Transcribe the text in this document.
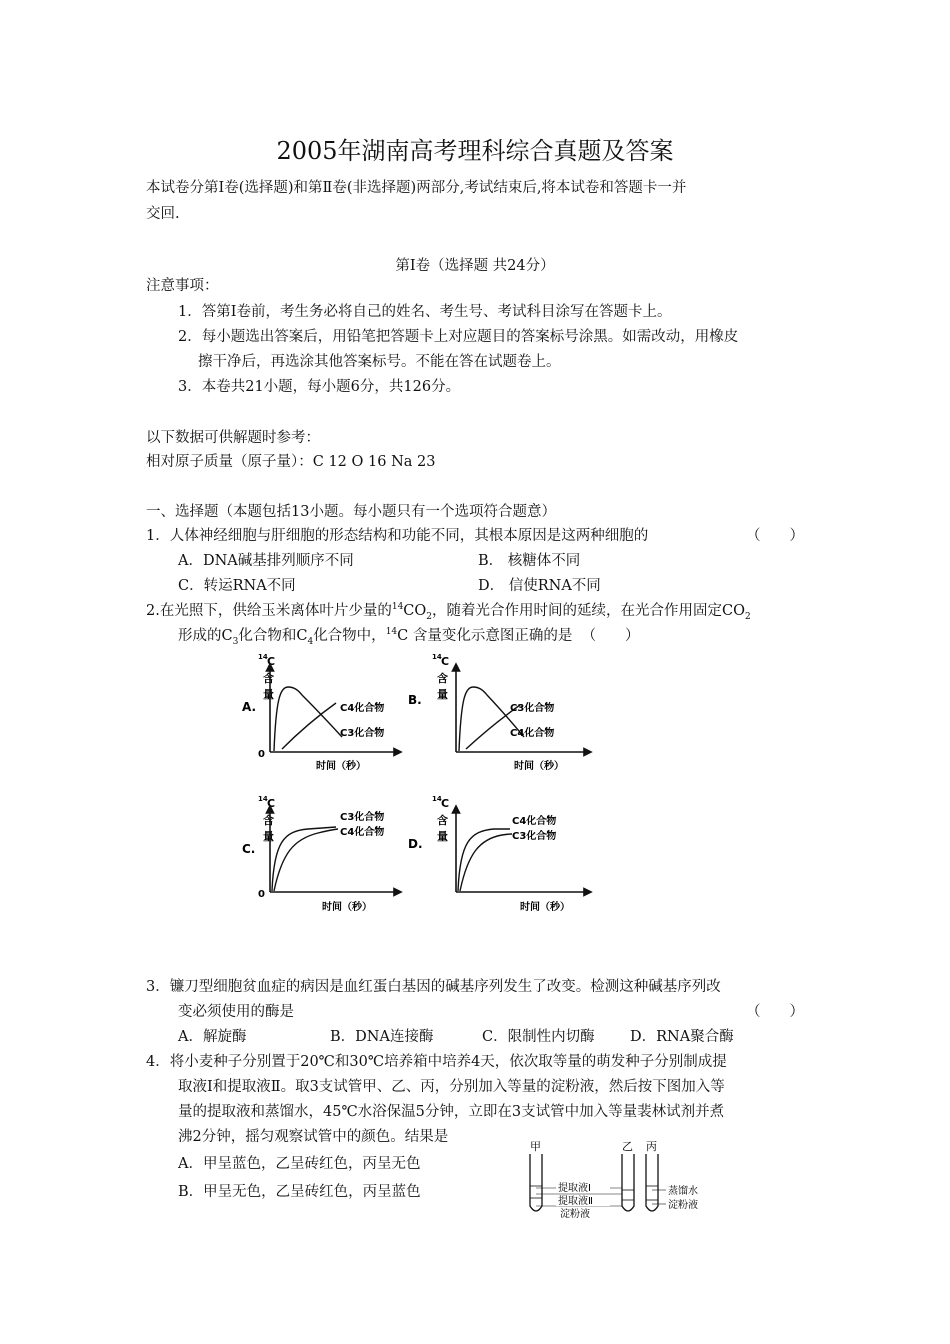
2005年湖南高考理科综合真题及答案
本试卷分第Ⅰ卷(选择题)和第Ⅱ卷(非选择题)两部分,考试结束后,将本试卷和答题卡一并
交回.
第Ⅰ卷（选择题 共24分）
注意事项：
1．答第Ⅰ卷前，考生务必将自己的姓名、考生号、考试科目涂写在答题卡上。
2．每小题选出答案后，用铅笔把答题卡上对应题目的答案标号涂黑。如需改动，用橡皮
擦干净后，再选涂其他答案标号。不能在答在试题卷上。
3．本卷共21小题，每小题6分，共126分。
以下数据可供解题时参考：
相对原子质量（原子量）：C 12 O 16 Na 23
一、选择题（本题包括13小题。每小题只有一个选项符合题意）
1．人体神经细胞与肝细胞的形态结构和功能不同，其根本原因是这两种细胞的	（　　）
A．DNA碱基排列顺序不同	B． 核糖体不同
C．转运RNA不同	D． 信使RNA不同
2.在光照下，供给玉米离体叶片少量的$^{14}CO_2$，随着光合作用时间的延续，在光合作用固定$CO_2$
形成的$C_3$化合物和$C_4$化合物中，$^{14}$C 含量变化示意图正确的是 （　　）
A.
14 C
含
量
0
C4化合物
C3化合物
时间（秒）
B.
14 C
含
量
C3化合物
C4化合物
时间（秒）
C.
14 C
含
量
0
C3化合物
C4化合物
时间（秒）
D.
14 C
含
量
C4化合物
C3化合物
时间（秒）
3．镰刀型细胞贫血症的病因是血红蛋白基因的碱基序列发生了改变。检测这种碱基序列改
变必须使用的酶是	（　　）
A．解旋酶	B．DNA连接酶	C．限制性内切酶 D．RNA聚合酶
4．将小麦种子分别置于20℃和30℃培养箱中培养4天，依次取等量的萌发种子分别制成提
取液Ⅰ和提取液Ⅱ。取3支试管甲、乙、丙，分别加入等量的淀粉液，然后按下图加入等
量的提取液和蒸馏水，45℃水浴保温5分钟，立即在3支试管中加入等量裴林试剂并煮
沸2分钟，摇匀观察试管中的颜色。结果是
A．甲呈蓝色，乙呈砖红色，丙呈无色
B．甲呈无色，乙呈砖红色，丙呈蓝色
甲	乙 丙
提取液Ⅰ
提取液Ⅱ
淀粉液
蒸馏水
淀粉液
